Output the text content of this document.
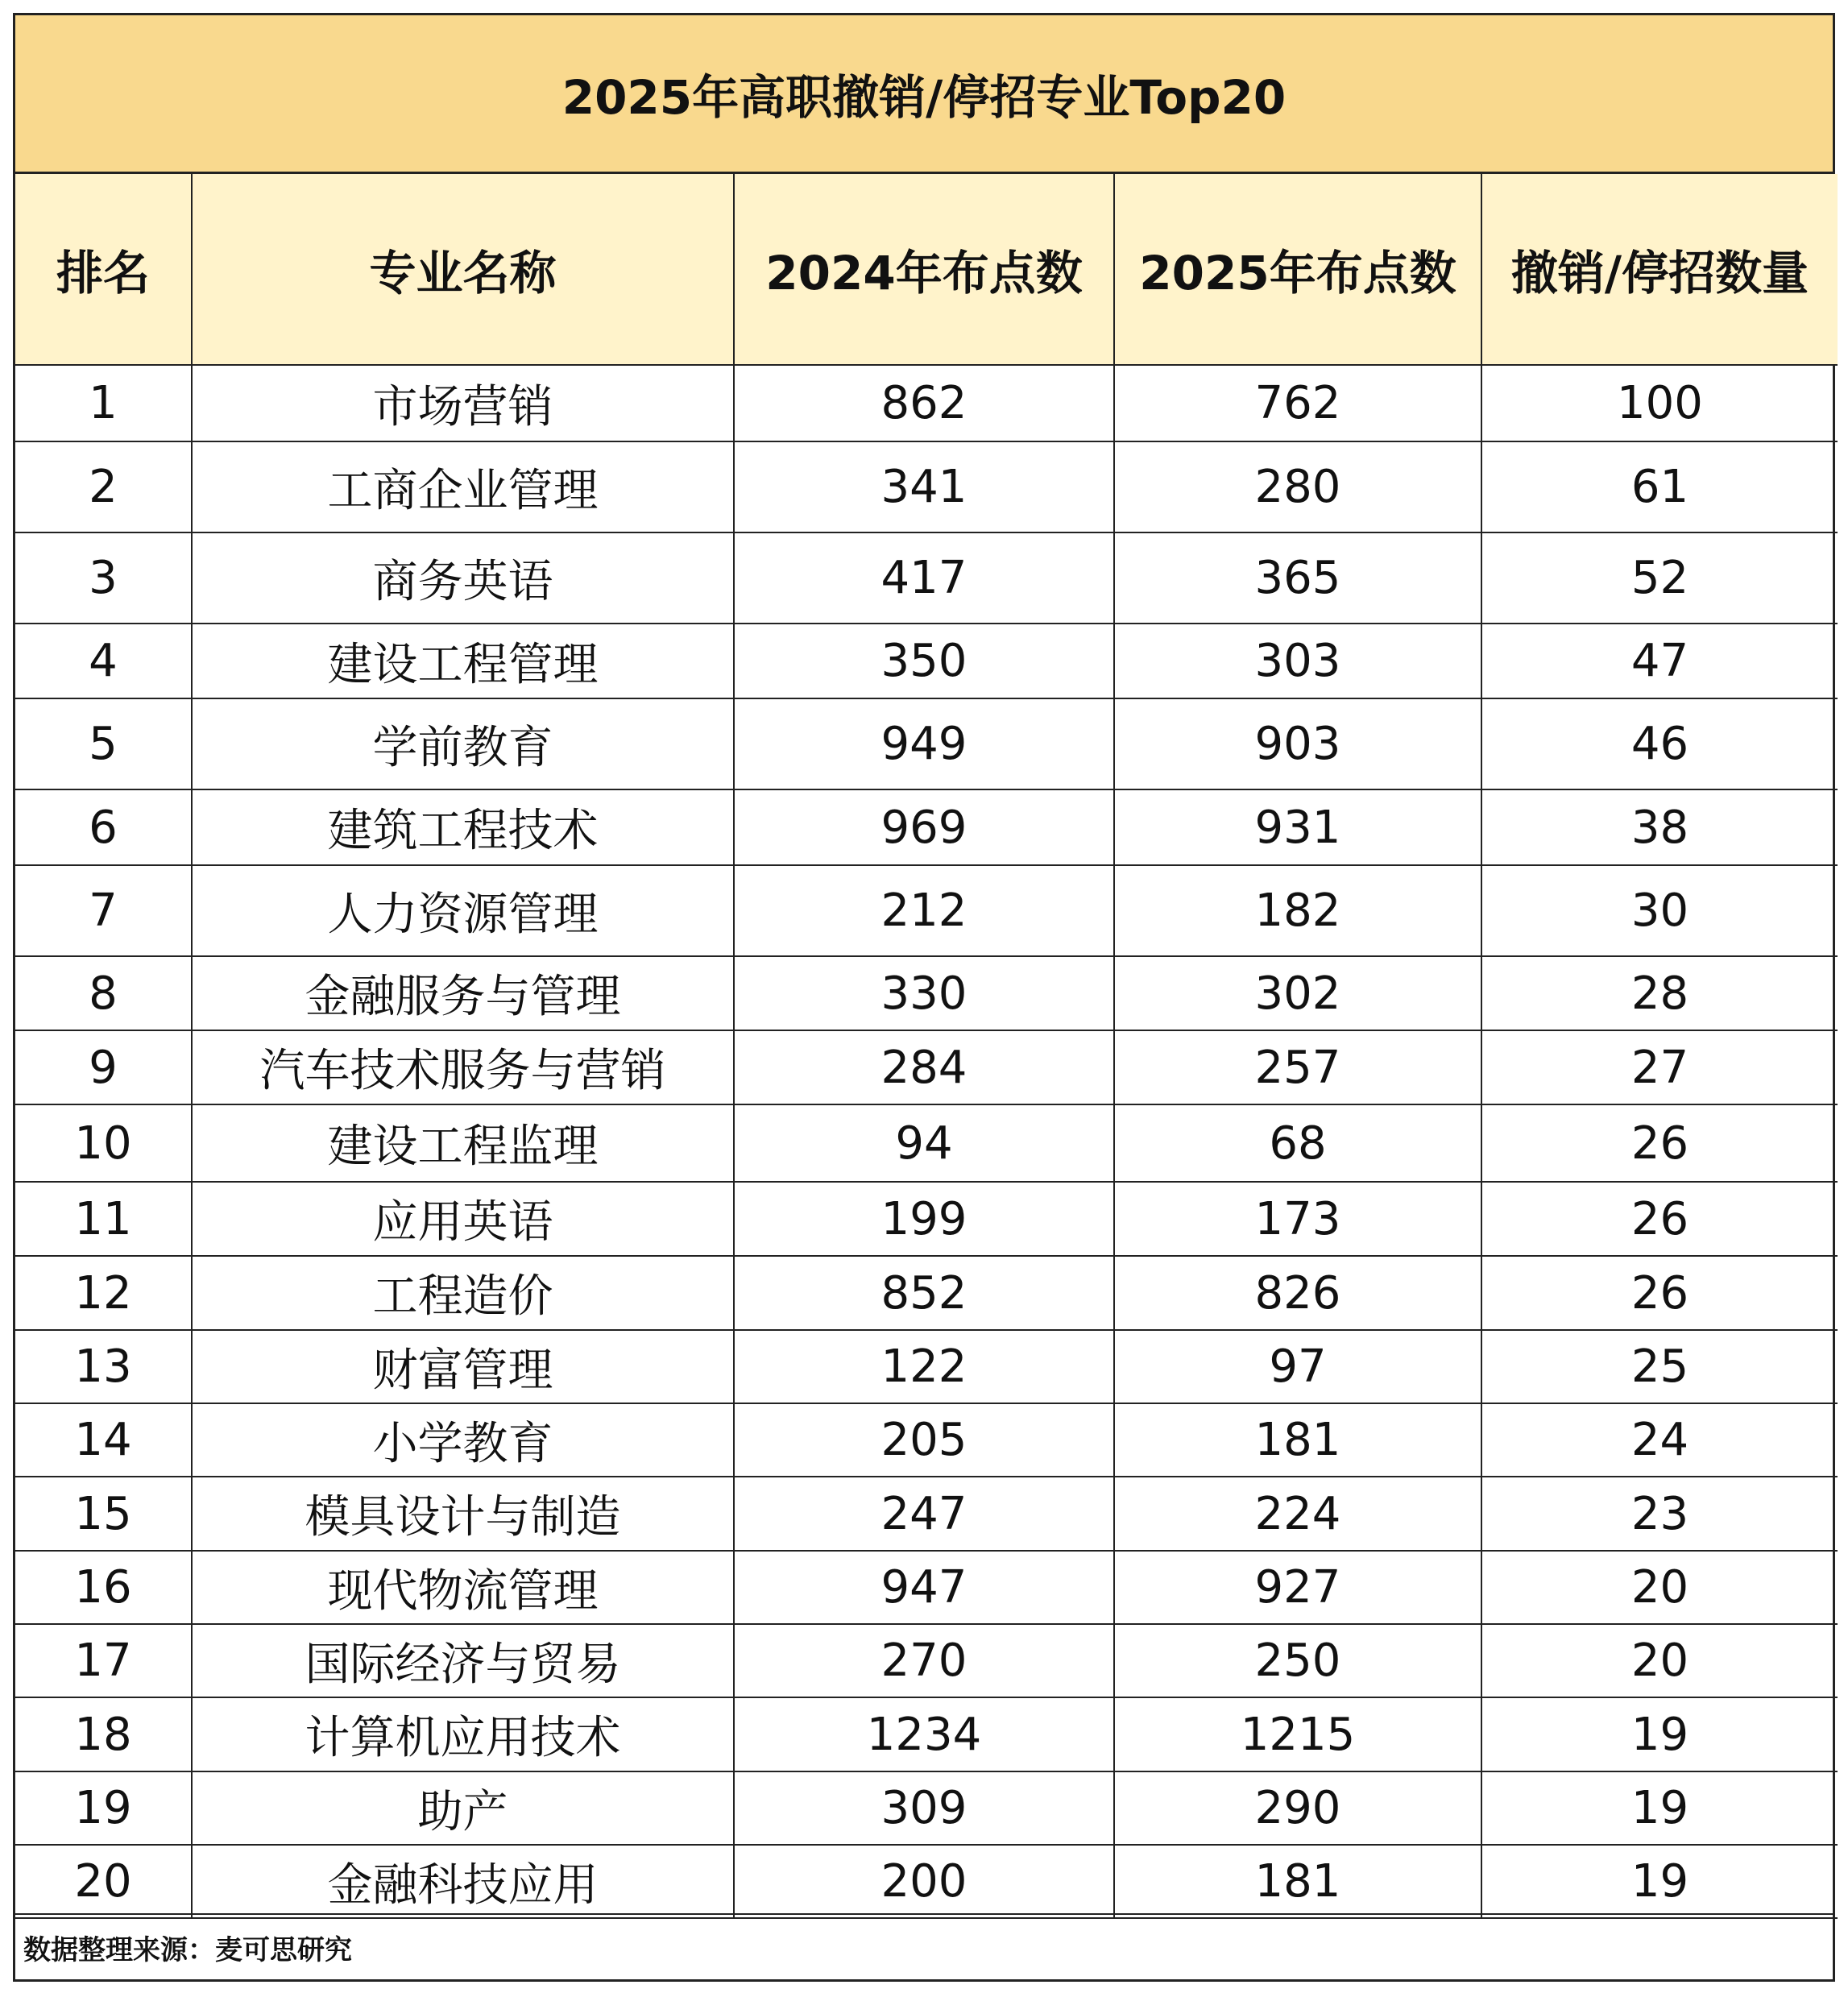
2025年高职撤销/停招专业Top20
排名	专业名称	2024年布点数	2025年布点数	撤销/停招数量
1	市场营销	862	762	100
2	工商企业管理	341	280	61
3	商务英语	417	365	52
4	建设工程管理	350	303	47
5	学前教育	949	903	46
6	建筑工程技术	969	931	38
7	人力资源管理	212	182	30
8	金融服务与管理	330	302	28
9	汽车技术服务与营销	284	257	27
10	建设工程监理	94	68	26
11	应用英语	199	173	26
12	工程造价	852	826	26
13	财富管理	122	97	25
14	小学教育	205	181	24
15	模具设计与制造	247	224	23
16	现代物流管理	947	927	20
17	国际经济与贸易	270	250	20
18	计算机应用技术	1234	1215	19
19	助产	309	290	19
20	金融科技应用	200	181	19
数据整理来源：麦可思研究
